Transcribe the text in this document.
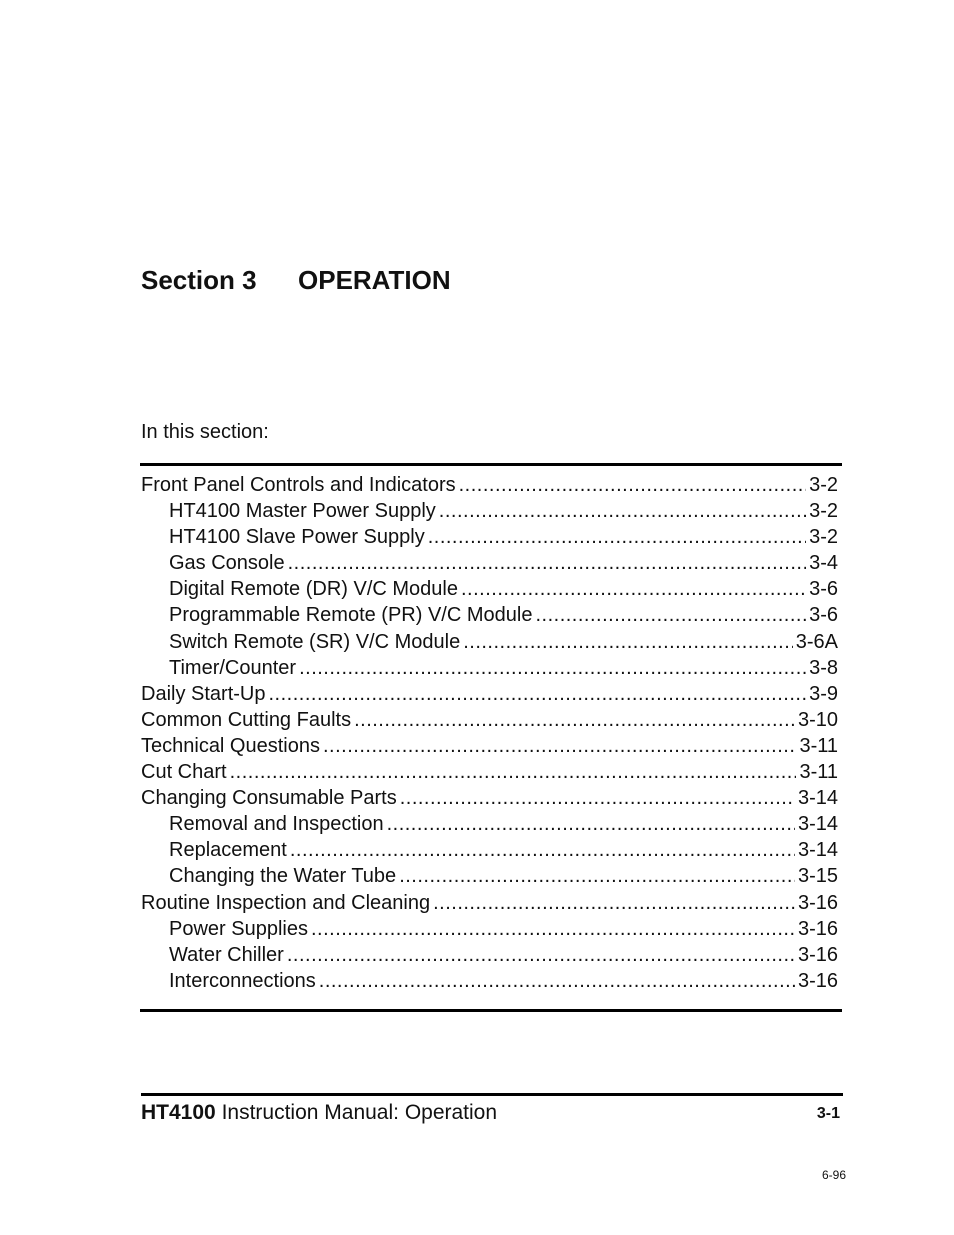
Section 3 OPERATION
In this section:
Front Panel Controls and Indicators .....	3-2
HT4100 Master Power Supply .....	3-2
HT4100 Slave Power Supply .....	3-2
Gas Console .....	3-4
Digital Remote (DR) V/C Module .....	3-6
Programmable Remote (PR) V/C Module .....	3-6
Switch Remote (SR) V/C Module .....	3-6A
Timer/Counter .....	3-8
Daily Start-Up .....	3-9
Common Cutting Faults .....	3-10
Technical Questions .....	3-11
Cut Chart .....	3-11
Changing Consumable Parts .....	3-14
Removal and Inspection .....	3-14
Replacement .....	3-14
Changing the Water Tube .....	3-15
Routine Inspection and Cleaning .....	3-16
Power Supplies .....	3-16
Water Chiller .....	3-16
Interconnections .....	3-16
HT4100 Instruction Manual: Operation	3-1
6-96
